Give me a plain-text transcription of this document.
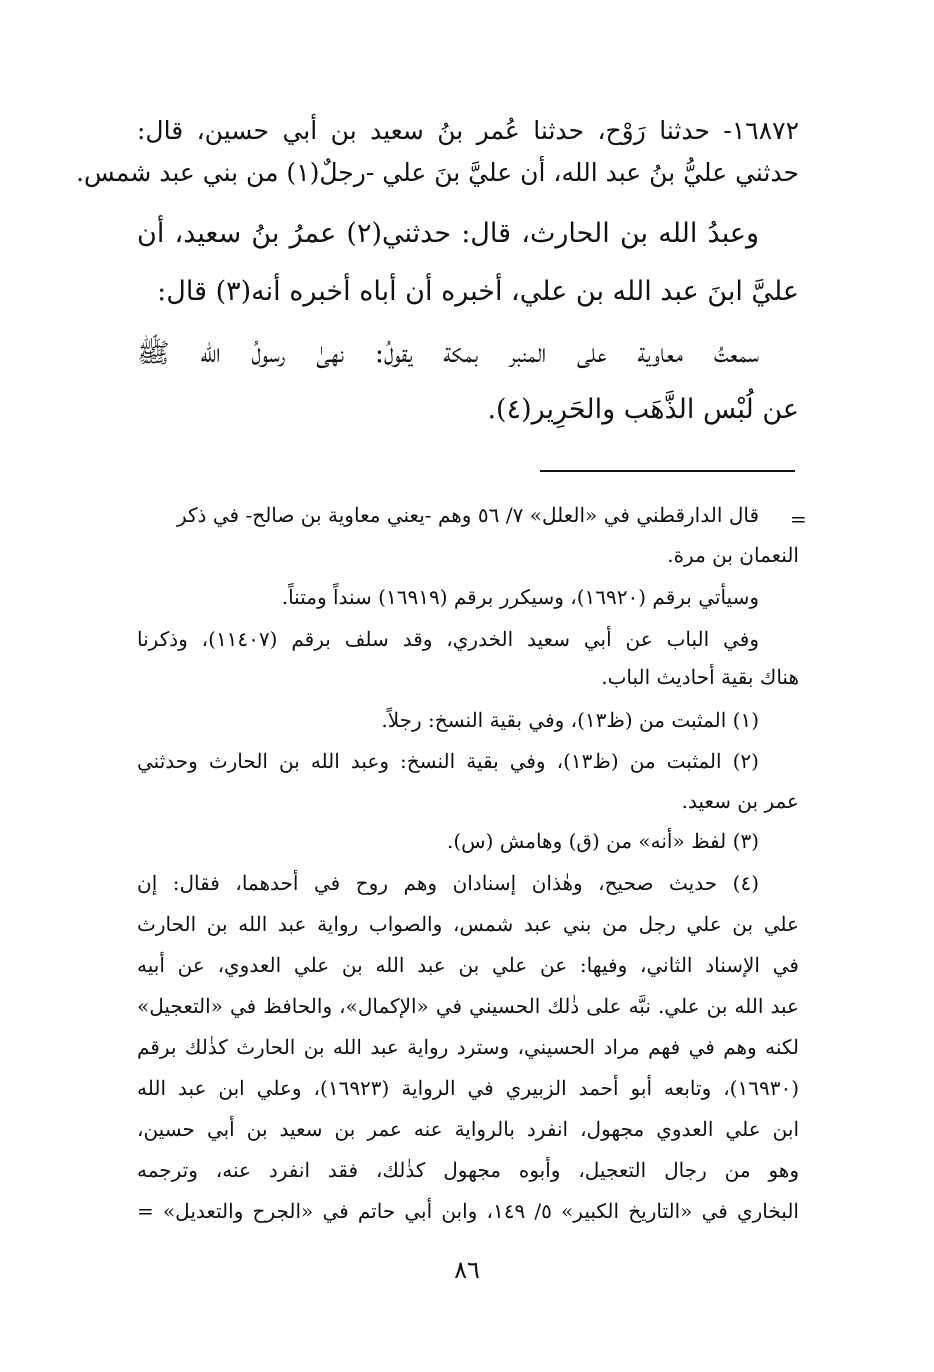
١٦٨٧٢- حدثنا رَوْح، حدثنا عُمر بنُ سعيد بن أبي حسين، قال:
حدثني عليُّ بنُ عبد الله، أن عليَّ بنَ علي -رجلٌ(١) من بني عبد شمس.
وعبدُ الله بن الحارث، قال: حدثني(٢) عمرُ بنُ سعيد، أن
عليَّ ابنَ عبد الله بن علي، أخبره أن أباه أخبره أنه(٣) قال:
سمعتُ معاوية على المنبر بمكة يقولُ: نهىٰ رسولُ الله ﷺ
عن لُبْس الذَّهَب والحَرِير(٤).
=
قال الدارقطني في «العلل» ٧/ ٥٦ وهم -يعني معاوية بن صالح- في ذكر
النعمان بن مرة.
وسيأتي برقم (١٦٩٢٠)، وسيكرر برقم (١٦٩١٩) سنداً ومتناً.
وفي الباب عن أبي سعيد الخدري، وقد سلف برقم (١١٤٠٧)، وذكرنا
هناك بقية أحاديث الباب.
(١) المثبت من (ظ١٣)، وفي بقية النسخ: رجلاً.
(٢) المثبت من (ظ١٣)، وفي بقية النسخ: وعبد الله بن الحارث وحدثني
عمر بن سعيد.
(٣) لفظ «أنه» من (ق) وهامش (س).
(٤) حديث صحيح، وهٰذان إسنادان وهم روح في أحدهما، فقال: إن
علي بن علي رجل من بني عبد شمس، والصواب رواية عبد الله بن الحارث
في الإسناد الثاني، وفيها: عن علي بن عبد الله بن علي العدوي، عن أبيه
عبد الله بن علي. نبَّه على ذٰلك الحسيني في «الإكمال»، والحافظ في «التعجيل»
لكنه وهم في فهم مراد الحسيني، وسترد رواية عبد الله بن الحارث كذٰلك برقم
(١٦٩٣٠)، وتابعه أبو أحمد الزبيري في الرواية (١٦٩٢٣)، وعلي ابن عبد الله
ابن علي العدوي مجهول، انفرد بالرواية عنه عمر بن سعيد بن أبي حسين،
وهو من رجال التعجيل، وأبوه مجهول كذٰلك، فقد انفرد عنه، وترجمه
البخاري في «التاريخ الكبير» ٥/ ١٤٩، وابن أبي حاتم في «الجرح والتعديل» =
٨٦
